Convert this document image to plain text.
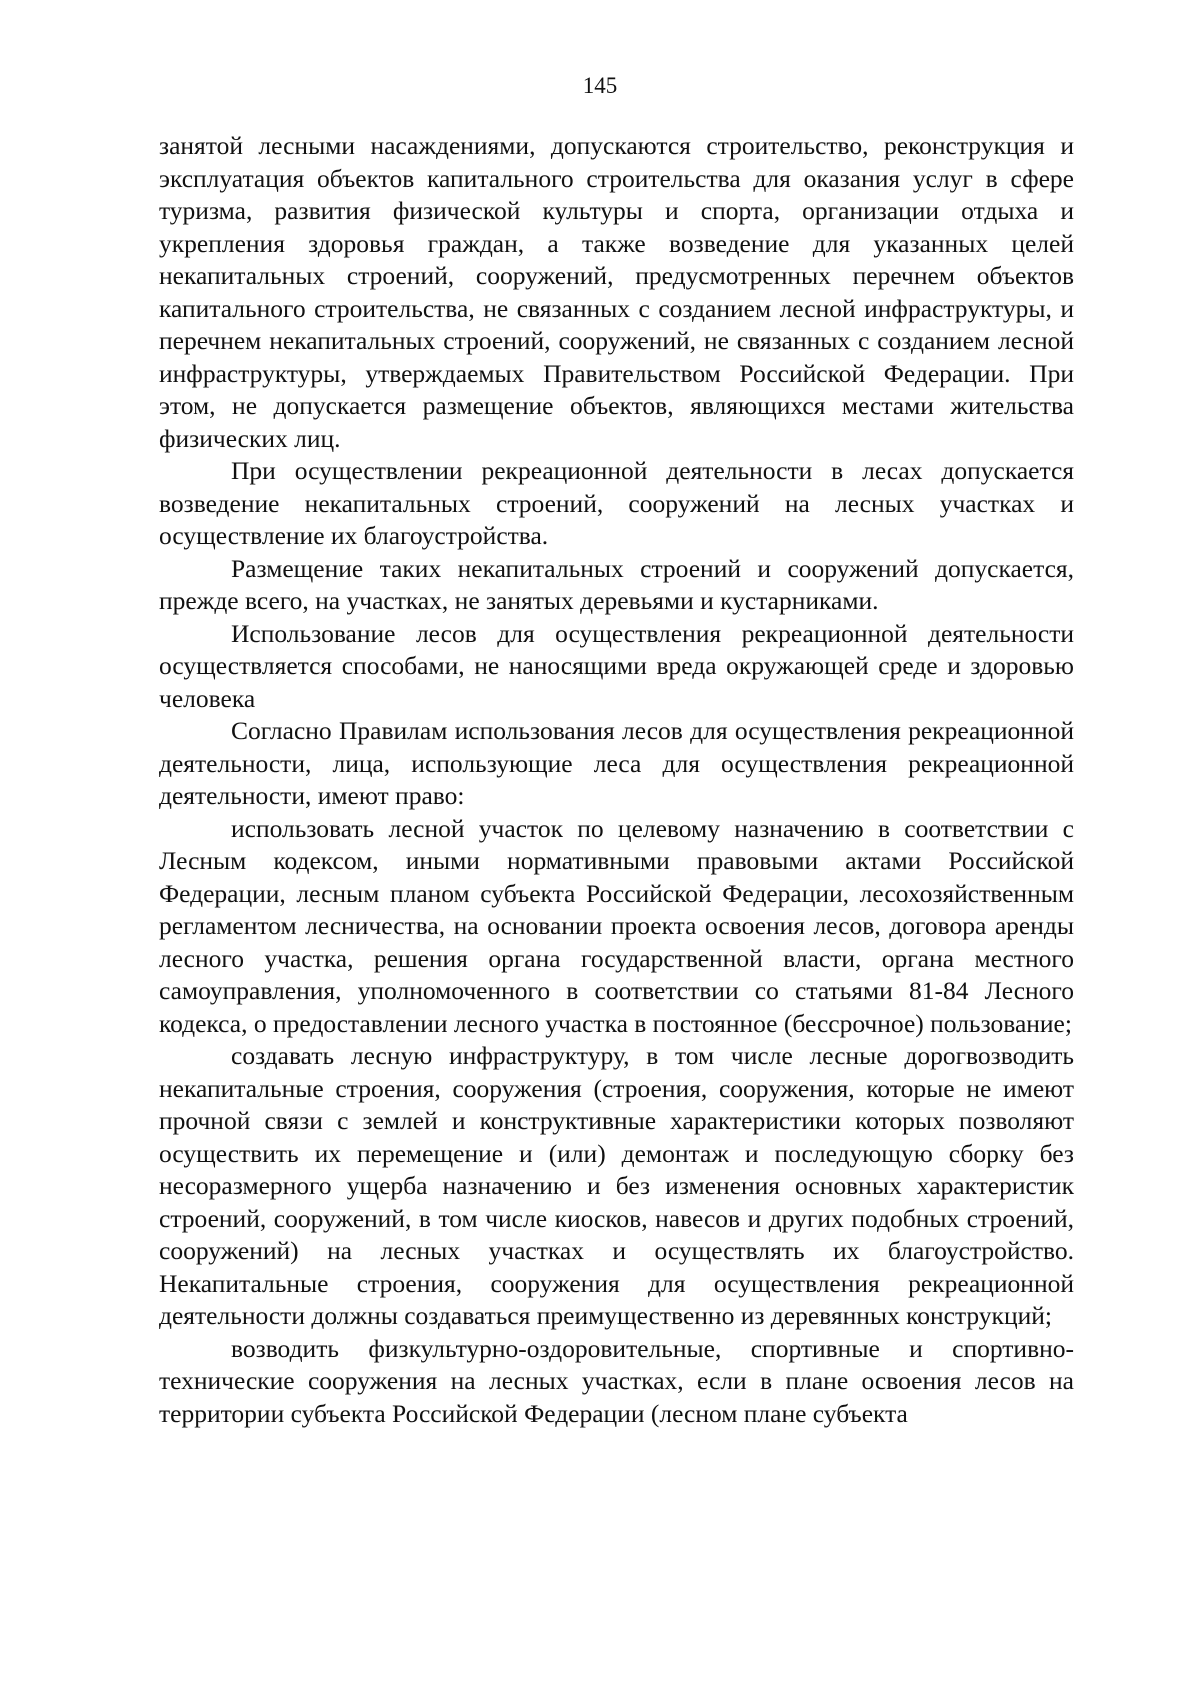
145

занятой лесными насаждениями, допускаются строительство, реконструкция и эксплуатация объектов капитального строительства для оказания услуг в сфере туризма, развития физической культуры и спорта, организации отдыха и укрепления здоровья граждан, а также возведение для указанных целей некапитальных строений, сооружений, предусмотренных перечнем объектов капитального строительства, не связанных с созданием лесной инфраструктуры, и перечнем некапитальных строений, сооружений, не связанных с созданием лесной инфраструктуры, утверждаемых Правительством Российской Федерации. При этом, не допускается размещение объектов, являющихся местами жительства физических лиц.

При осуществлении рекреационной деятельности в лесах допускается возведение некапитальных строений, сооружений на лесных участках и осуществление их благоустройства.

Размещение таких некапитальных строений и сооружений допускается, прежде всего, на участках, не занятых деревьями и кустарниками.

Использование лесов для осуществления рекреационной деятельности осуществляется способами, не наносящими вреда окружающей среде и здоровью человека

Согласно Правилам использования лесов для осуществления рекреационной деятельности, лица, использующие леса для осуществления рекреационной деятельности, имеют право:

использовать лесной участок по целевому назначению в соответствии с Лесным кодексом, иными нормативными правовыми актами Российской Федерации, лесным планом субъекта Российской Федерации, лесохозяйственным регламентом лесничества, на основании проекта освоения лесов, договора аренды лесного участка, решения органа государственной власти, органа местного самоуправления, уполномоченного в соответствии со статьями 81-84 Лесного кодекса, о предоставлении лесного участка в постоянное (бессрочное) пользование;

создавать лесную инфраструктуру, в том числе лесные дорогвозводить некапитальные строения, сооружения (строения, сооружения, которые не имеют прочной связи с землей и конструктивные характеристики которых позволяют осуществить их перемещение и (или) демонтаж и последующую сборку без несоразмерного ущерба назначению и без изменения основных характеристик строений, сооружений, в том числе киосков, навесов и других подобных строений, сооружений) на лесных участках и осуществлять их благоустройство. Некапитальные строения, сооружения для осуществления рекреационной деятельности должны создаваться преимущественно из деревянных конструкций;

возводить физкультурно-оздоровительные, спортивные и спортивно-технические сооружения на лесных участках, если в плане освоения лесов на территории субъекта Российской Федерации (лесном плане субъекта
